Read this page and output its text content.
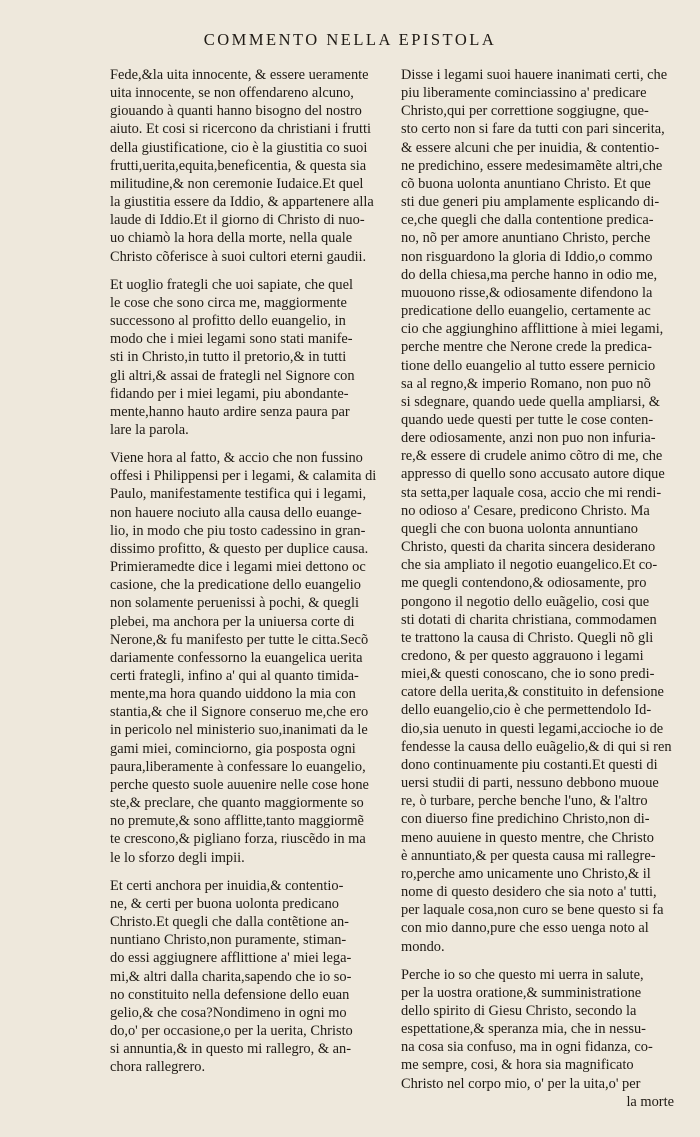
COMMENTO NELLA EPISTOLA
Fede,&la uita innocente, & essere ueramente
uita innocente, se non offendareno alcuno,
giouando à quanti hanno bisogno del nostro
aiuto. Et cosi si ricercono da christiani i frutti
della giustificatione, cio è la giustitia co suoi
frutti,uerita,equita,beneficentia, & questa sia
militudine,& non ceremonie Iudaice.Et quel
la giustitia essere da Iddio, & appartenere alla
laude di Iddio.Et il giorno di Christo di nuo-
uo chiamò la hora della morte, nella quale
Christo cõferisce à suoi cultori eterni gaudii.
Et uoglio frategli che uoi sapiate, che quel
le cose che sono circa me, maggiormente
successono al profitto dello euangelio, in
modo che i miei legami sono stati manife-
sti in Christo,in tutto il pretorio,& in tutti
gli altri,& assai de frategli nel Signore con
fidando per i miei legami, piu abondante-
mente,hanno hauto ardire senza paura par
lare la parola.
Viene hora al fatto, & accio che non fussino
offesi i Philippensi per i legami, & calamita di
Paulo, manifestamente testifica qui i legami,
non hauere nociuto alla causa dello euange-
lio, in modo che piu tosto cadessino in gran-
dissimo profitto, & questo per duplice causa.
Primieramedte dice i legami miei dettono oc
casione, che la predicatione dello euangelio
non solamente peruenissi à pochi, & quegli
plebei, ma anchora per la uniuersa corte di
Nerone,& fu manifesto per tutte le citta.Secõ
dariamente confessorno la euangelica uerita
certi frategli, infino a' qui al quanto timida-
mente,ma hora quando uiddono la mia con
stantia,& che il Signore conseruo me,che ero
in pericolo nel ministerio suo,inanimati da le
gami miei, cominciorno, gia posposta ogni
paura,liberamente à confessare lo euangelio,
perche questo suole auuenire nelle cose hone
ste,& preclare, che quanto maggiormente so
no premute,& sono afflitte,tanto maggiormẽ
te crescono,& pigliano forza, riuscẽdo in ma
le lo sforzo degli impii.
Et certi anchora per inuidia,& contentio-
ne, & certi per buona uolonta predicano
Christo.Et quegli che dalla contẽtione an-
nuntiano Christo,non puramente, stiman-
do essi aggiugnere afflittione a' miei lega-
mi,& altri dalla charita,sapendo che io so-
no constituito nella defensione dello euan
gelio,& che cosa?Nondimeno in ogni mo
do,o' per occasione,o per la uerita, Christo
si annuntia,& in questo mi rallegro, & an-
chora rallegrero.
Disse i legami suoi hauere inanimati certi, che
piu liberamente cominciassino a' predicare
Christo,qui per correttione soggiugne, que-
sto certo non si fare da tutti con pari sincerita,
& essere alcuni che per inuidia, & contentio-
ne predichino, essere medesimamẽte altri,che
cõ buona uolonta anuntiano Christo. Et que
sti due generi piu amplamente esplicando di-
ce,che quegli che dalla contentione predica-
no, nõ per amore anuntiano Christo, perche
non risguardono la gloria di Iddio,o commo
do della chiesa,ma perche hanno in odio me,
muouono risse,& odiosamente difendono la
predicatione dello euangelio, certamente ac
cio che aggiunghino afflittione à miei legami,
perche mentre che Nerone crede la predica-
tione dello euangelio al tutto essere pernicio
sa al regno,& imperio Romano, non puo nõ
si sdegnare, quando uede quella ampliarsi, &
quando uede questi per tutte le cose conten-
dere odiosamente, anzi non puo non infuria-
re,& essere di crudele animo cõtro di me, che
appresso di quello sono accusato autore dique
sta setta,per laquale cosa, accio che mi rendi-
no odioso a' Cesare, predicono Christo. Ma
quegli che con buona uolonta annuntiano
Christo, questi da charita sincera desiderano
che sia ampliato il negotio euangelico.Et co-
me quegli contendono,& odiosamente, pro
pongono il negotio dello euãgelio, cosi que
sti dotati di charita christiana, commodamen
te trattono la causa di Christo. Quegli nõ gli
credono, & per questo aggrauono i legami
miei,& questi conoscano, che io sono predi-
catore della uerita,& constituito in defensione
dello euangelio,cio è che permettendolo Id-
dio,sia uenuto in questi legami,accioche io de
fendesse la causa dello euãgelio,& di qui si ren
dono continuamente piu costanti.Et questi di
uersi studii di parti, nessuno debbono muoue
re, ò turbare, perche benche l'uno, & l'altro
con diuerso fine predichino Christo,non di-
meno auuiene in questo mentre, che Christo
è annuntiato,& per questa causa mi rallegre-
ro,perche amo unicamente uno Christo,& il
nome di questo desidero che sia noto a' tutti,
per laquale cosa,non curo se bene questo si fa
con mio danno,pure che esso uenga noto al
mondo.
Perche io so che questo mi uerra in salute,
per la uostra oratione,& sumministratione
dello spirito di Giesu Christo, secondo la
espettatione,& speranza mia, che in nessu-
na cosa sia confuso, ma in ogni fidanza, co-
me sempre, cosi, & hora sia magnificato
Christo nel corpo mio, o' per la uita,o' per
la morte
